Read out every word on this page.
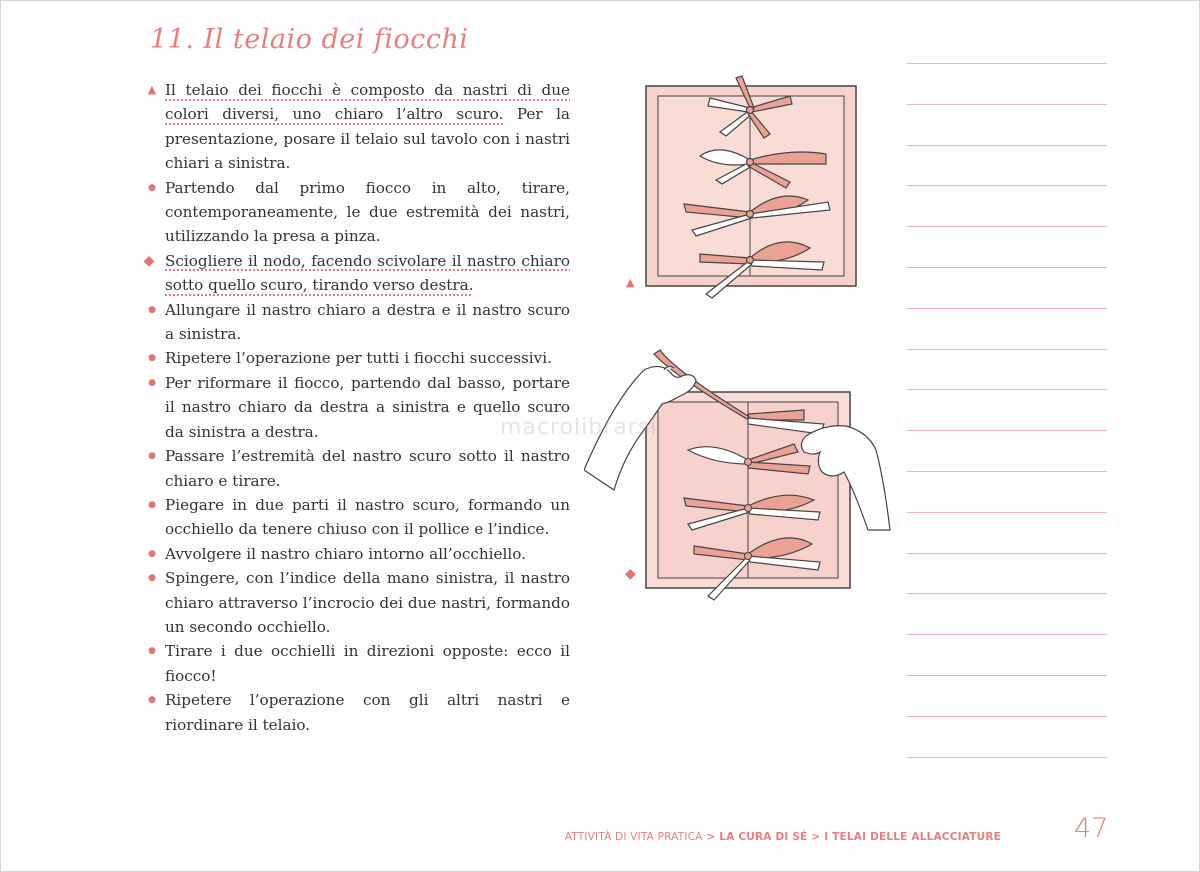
11. Il telaio dei fiocchi
▲ Il telaio dei fiocchi è composto da nastri di due colori diversi, uno chiaro l’altro scuro. Per la presentazione, posare il telaio sul tavolo con i nastri chiari a sinistra.
● Partendo dal primo fiocco in alto, tirare, contemporaneamente, le due estremità dei nastri, utilizzando la presa a pinza.
◆ Sciogliere il nodo, facendo scivolare il nastro chiaro sotto quello scuro, tirando verso destra.
● Allungare il nastro chiaro a destra e il nastro scuro a sinistra.
● Ripetere l’operazione per tutti i fiocchi successivi.
● Per riformare il fiocco, partendo dal basso, portare il nastro chiaro da destra a sinistra e quello scuro da sinistra a destra.
● Passare l’estremità del nastro scuro sotto il nastro chiaro e tirare.
● Piegare in due parti il nastro scuro, formando un occhiello da tenere chiuso con il pollice e l’indice.
● Avvolgere il nastro chiaro intorno all’occhiello.
● Spingere, con l’indice della mano sinistra, il nastro chiaro attraverso l’incrocio dei due nastri, formando un secondo occhiello.
● Tirare i due occhielli in direzioni opposte: ecco il fiocco!
● Ripetere l’operazione con gli altri nastri e riordinare il telaio.
▲
◆
macrolibrarsi
ATTIVITÀ DI VITA PRATICA > LA CURA DI SÉ > I TELAI DELLE ALLACCIATURE	47
